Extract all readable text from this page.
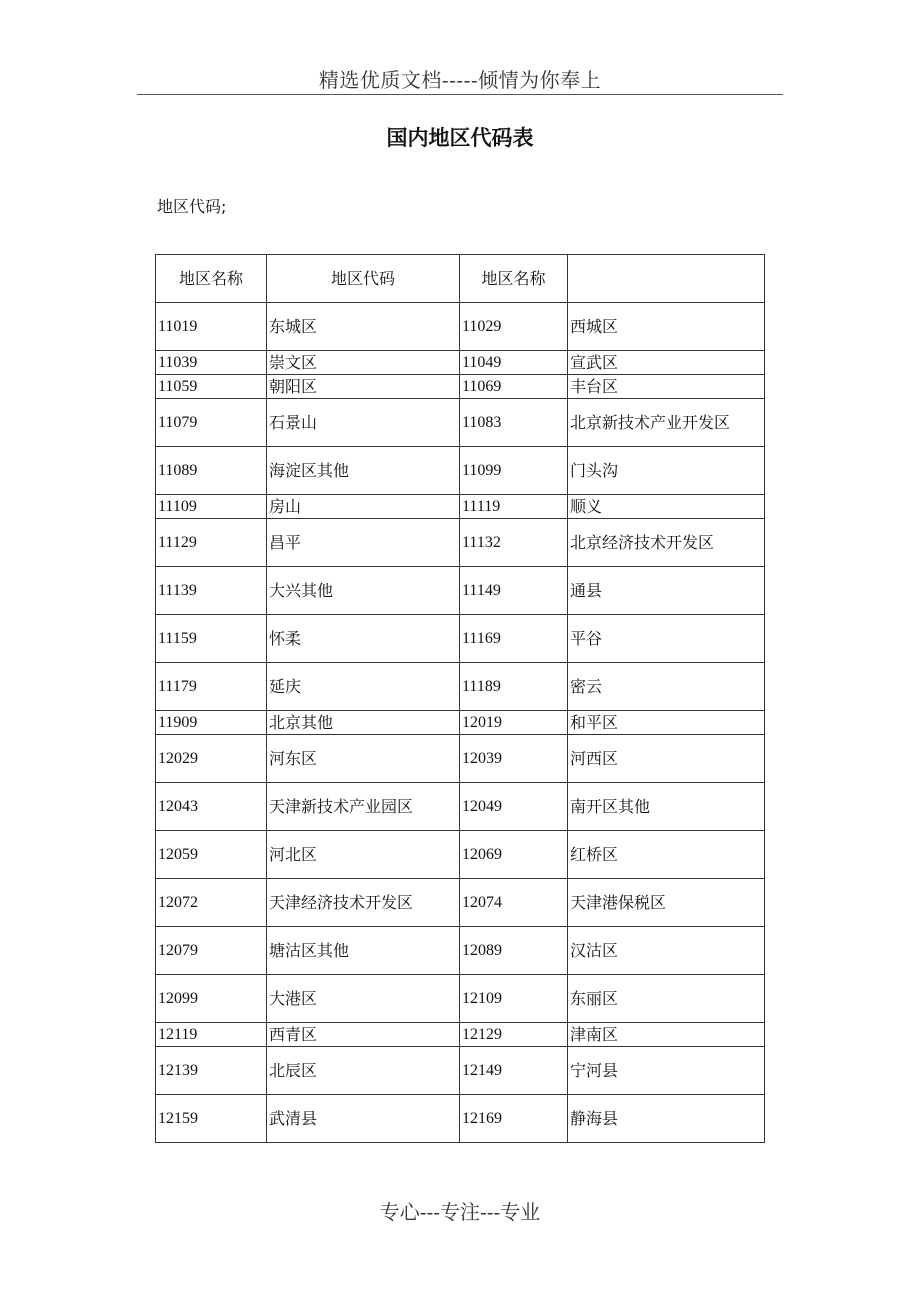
精选优质文档-----倾情为你奉上
国内地区代码表
地区代码;
地区名称	地区代码	地区名称	
11019	东城区	11029	西城区
11039	崇文区	11049	宣武区
11059	朝阳区	11069	丰台区
11079	石景山	11083	北京新技术产业开发区
11089	海淀区其他	11099	门头沟
11109	房山	11119	顺义
11129	昌平	11132	北京经济技术开发区
11139	大兴其他	11149	通县
11159	怀柔	11169	平谷
11179	延庆	11189	密云
11909	北京其他	12019	和平区
12029	河东区	12039	河西区
12043	天津新技术产业园区	12049	南开区其他
12059	河北区	12069	红桥区
12072	天津经济技术开发区	12074	天津港保税区
12079	塘沽区其他	12089	汉沽区
12099	大港区	12109	东丽区
12119	西青区	12129	津南区
12139	北辰区	12149	宁河县
12159	武清县	12169	静海县
专心---专注---专业
